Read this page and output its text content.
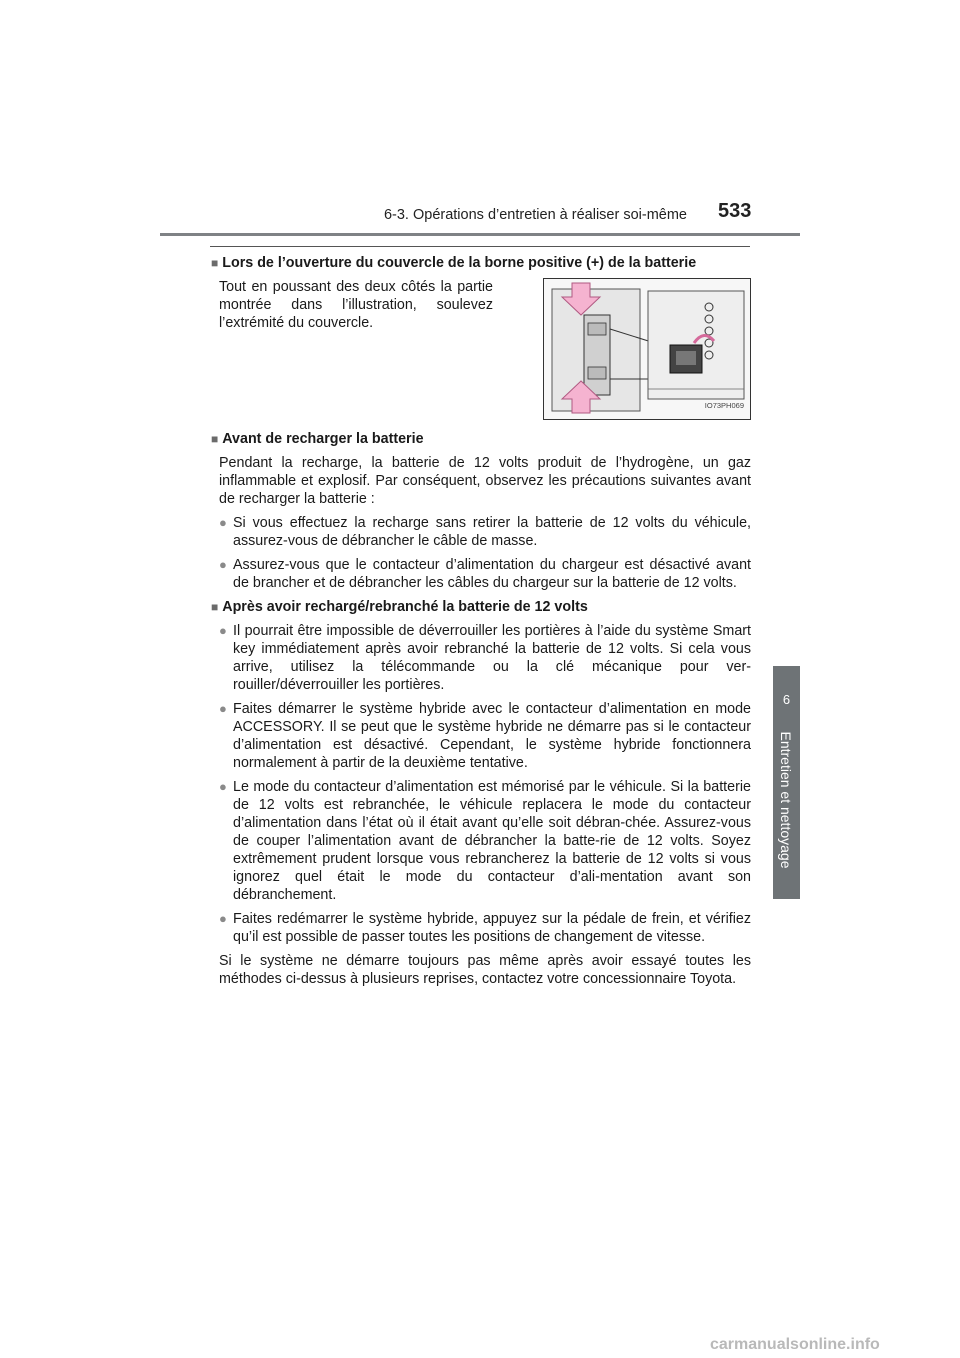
6-3. Opérations d’entretien à réaliser soi-même 533
6
Entretien et nettoyage
■ Lors de l’ouverture du couvercle de la borne positive (+) de la batterie
Tout en poussant des deux côtés la partie montrée dans l’illustration, soulevez l’extrémité du couvercle.
IO73PH069
■ Avant de recharger la batterie
Pendant la recharge, la batterie de 12 volts produit de l’hydrogène, un gaz inflammable et explosif. Par conséquent, observez les précautions suivantes avant de recharger la batterie :
● Si vous effectuez la recharge sans retirer la batterie de 12 volts du véhicule, assurez-vous de débrancher le câble de masse.
● Assurez-vous que le contacteur d’alimentation du chargeur est désactivé avant de brancher et de débrancher les câbles du chargeur sur la batterie de 12 volts.
■ Après avoir rechargé/rebranché la batterie de 12 volts
● Il pourrait être impossible de déverrouiller les portières à l’aide du système Smart key immédiatement après avoir rebranché la batterie de 12 volts. Si cela vous arrive, utilisez la télécommande ou la clé mécanique pour ver-rouiller/déverrouiller les portières.
● Faites démarrer le système hybride avec le contacteur d’alimentation en mode ACCESSORY. Il se peut que le système hybride ne démarre pas si le contacteur d’alimentation est désactivé. Cependant, le système hybride fonctionnera normalement à partir de la deuxième tentative.
● Le mode du contacteur d’alimentation est mémorisé par le véhicule. Si la batterie de 12 volts est rebranchée, le véhicule replacera le mode du contacteur d’alimentation dans l’état où il était avant qu’elle soit débran-chée. Assurez-vous de couper l’alimentation avant de débrancher la batte-rie de 12 volts. Soyez extrêmement prudent lorsque vous rebrancherez la batterie de 12 volts si vous ignorez quel était le mode du contacteur d’ali-mentation avant son débranchement.
● Faites redémarrer le système hybride, appuyez sur la pédale de frein, et vérifiez qu’il est possible de passer toutes les positions de changement de vitesse.
Si le système ne démarre toujours pas même après avoir essayé toutes les méthodes ci-dessus à plusieurs reprises, contactez votre concessionnaire Toyota.
carmanualsonline.info
